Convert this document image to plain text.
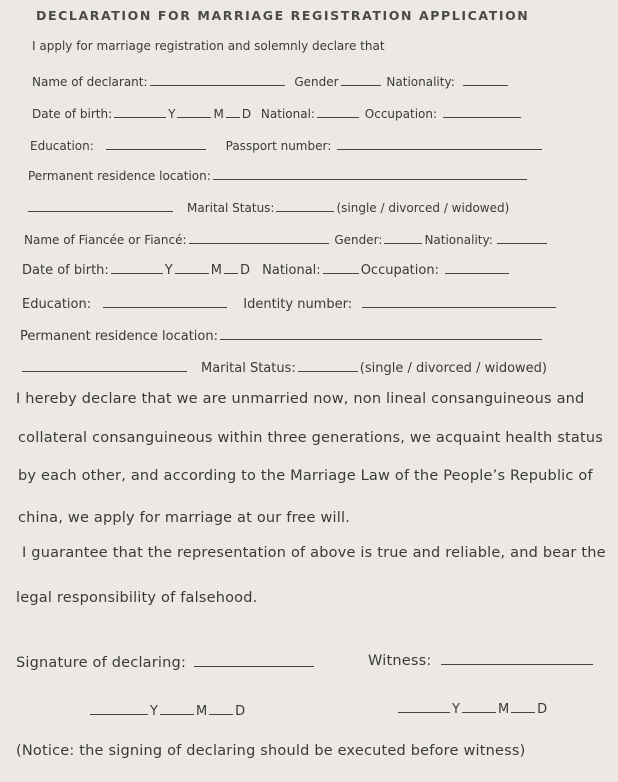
DECLARATION FOR MARRIAGE REGISTRATION APPLICATION
I apply for marriage registration and solemnly declare that
Name of declarant:	Gender	Nationality:
Date of birth:	Y	M D National:	Occupation:
Education:	Passport number:
Permanent residence location:
Marital Status:	(single / divorced / widowed)
Name of Fiancée or Fiancé:	Gender:	Nationality:
Date of birth:	Y	M D National:	Occupation:
Education:	Identity number:
Permanent residence location:
Marital Status:	(single / divorced / widowed)
I hereby declare that we are unmarried now, non lineal consanguineous and
collateral consanguineous within three generations, we acquaint health status
by each other, and according to the Marriage Law of the People’s Republic of
china, we apply for marriage at our free will.
I guarantee that the representation of above is true and reliable, and bear the
legal responsibility of falsehood.
Signature of declaring:	Witness:
Y	M D	Y	M D
(Notice: the signing of declaring should be executed before witness)
